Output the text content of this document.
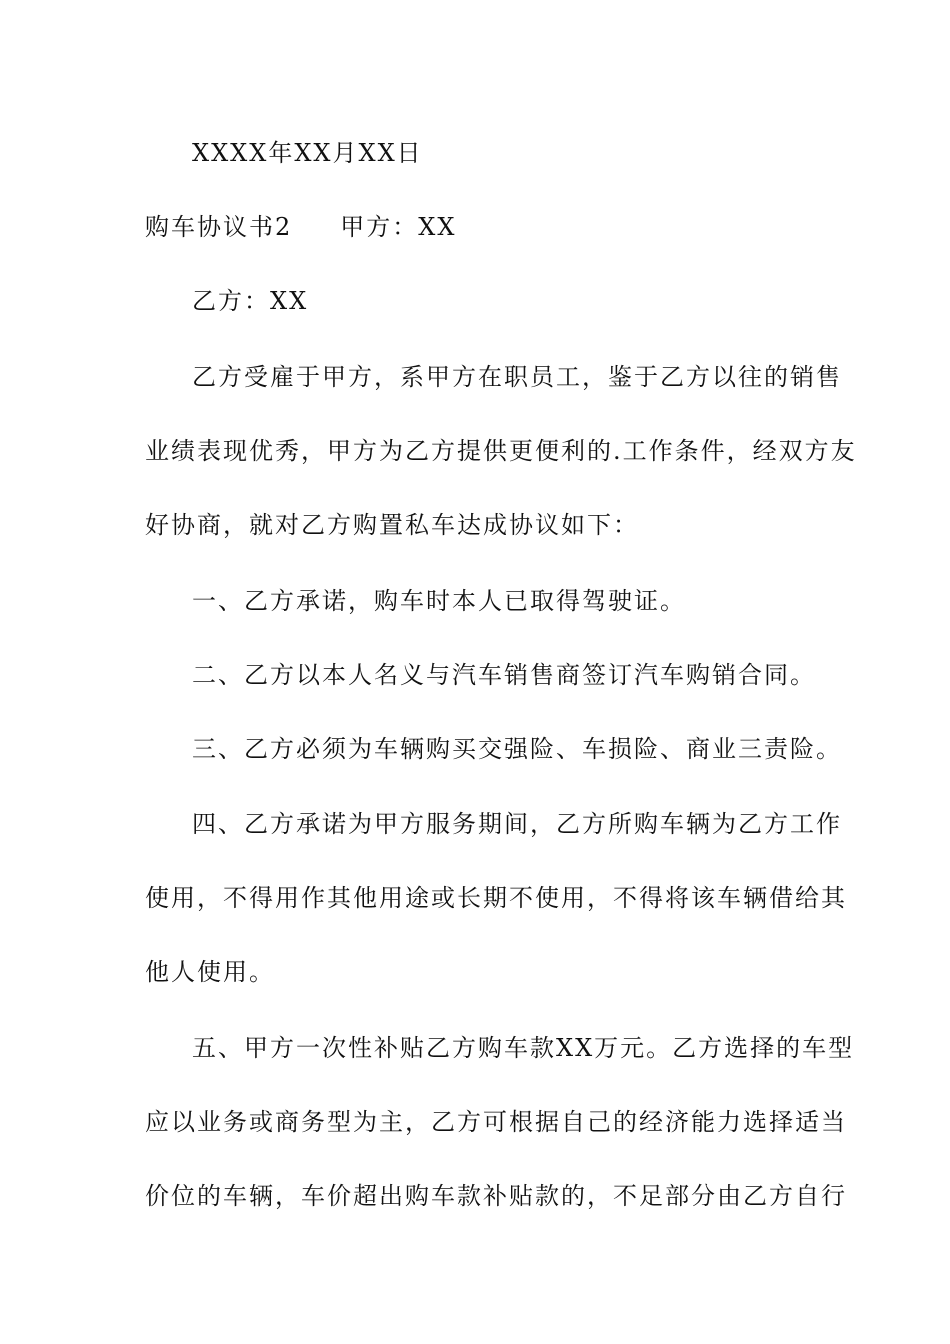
XXXX年XX月XX日

购车协议书2 甲方：XX

乙方：XX

乙方受雇于甲方，系甲方在职员工，鉴于乙方以往的销售

业绩表现优秀，甲方为乙方提供更便利的.工作条件，经双方友

好协商，就对乙方购置私车达成协议如下：

一、乙方承诺，购车时本人已取得驾驶证。

二、乙方以本人名义与汽车销售商签订汽车购销合同。

三、乙方必须为车辆购买交强险、车损险、商业三责险。

四、乙方承诺为甲方服务期间，乙方所购车辆为乙方工作

使用，不得用作其他用途或长期不使用，不得将该车辆借给其

他人使用。

五、甲方一次性补贴乙方购车款XX万元。乙方选择的车型

应以业务或商务型为主，乙方可根据自己的经济能力选择适当

价位的车辆，车价超出购车款补贴款的，不足部分由乙方自行
